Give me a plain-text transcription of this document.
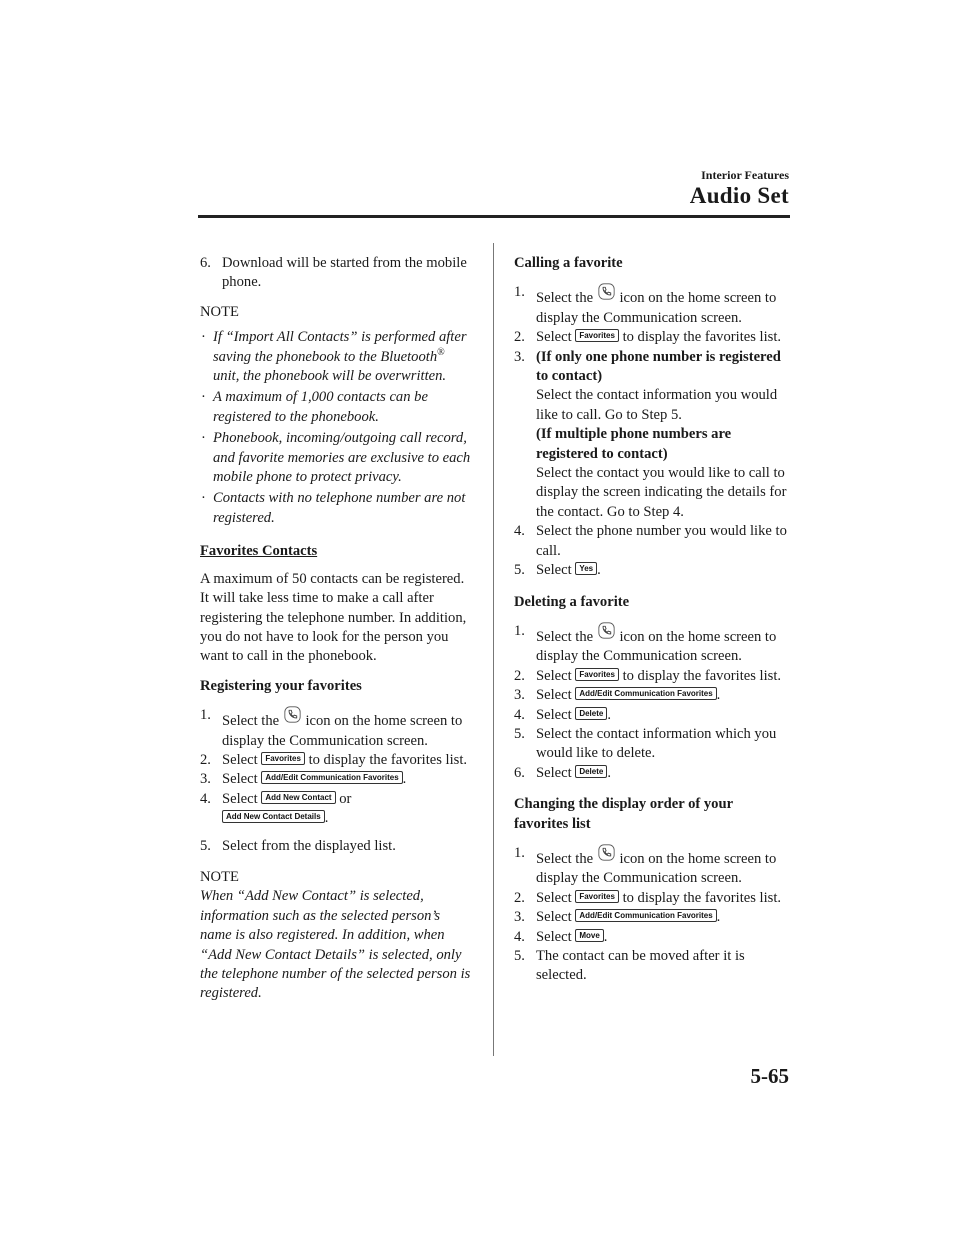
Interior Features
Audio Set
6. Download will be started from the mobile phone.
NOTE
· If “Import All Contacts” is performed after saving the phonebook to the Bluetooth® unit, the phonebook will be overwritten.
· A maximum of 1,000 contacts can be registered to the phonebook.
· Phonebook, incoming/outgoing call record, and favorite memories are exclusive to each mobile phone to protect privacy.
· Contacts with no telephone number are not registered.
Favorites Contacts
A maximum of 50 contacts can be registered. It will take less time to make a call after registering the telephone number. In addition, you do not have to look for the person you want to call in the phonebook.
Registering your favorites
1. Select the icon on the home screen to display the Communication screen.
2. Select Favorites to display the favorites list.
3. Select Add/Edit Communication Favorites .
4. Select Add New Contact or
Add New Contact Details .
5. Select from the displayed list.
NOTE
When “Add New Contact” is selected, information such as the selected person’s name is also registered. In addition, when “Add New Contact Details” is selected, only the telephone number of the selected person is registered.
Calling a favorite
1. Select the icon on the home screen to display the Communication screen.
2. Select Favorites to display the favorites list.
3. (If only one phone number is registered to contact)
Select the contact information you would like to call. Go to Step 5.
(If multiple phone numbers are registered to contact)
Select the contact you would like to call to display the screen indicating the details for the contact. Go to Step 4.
4. Select the phone number you would like to call.
5. Select Yes .
Deleting a favorite
1. Select the icon on the home screen to display the Communication screen.
2. Select Favorites to display the favorites list.
3. Select Add/Edit Communication Favorites .
4. Select Delete .
5. Select the contact information which you would like to delete.
6. Select Delete .
Changing the display order of your favorites list
1. Select the icon on the home screen to display the Communication screen.
2. Select Favorites to display the favorites list.
3. Select Add/Edit Communication Favorites .
4. Select Move .
5. The contact can be moved after it is selected.
5-65
